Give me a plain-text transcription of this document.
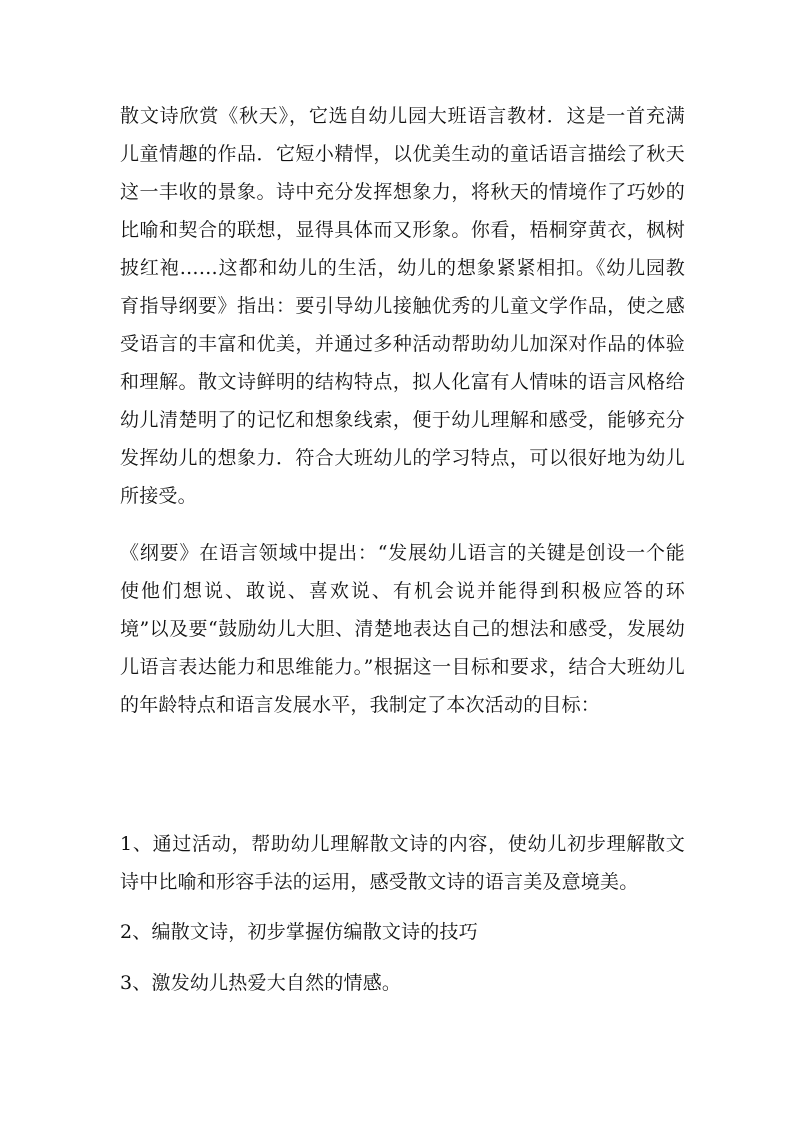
散文诗欣赏《秋天》，它选自幼儿园大班语言教材．这是一首充满儿童情趣的作品．它短小精悍，以优美生动的童话语言描绘了秋天这一丰收的景象。诗中充分发挥想象力，将秋天的情境作了巧妙的比喻和契合的联想，显得具体而又形象。你看，梧桐穿黄衣，枫树披红袍……这都和幼儿的生活，幼儿的想象紧紧相扣。《幼儿园教育指导纲要》指出：要引导幼儿接触优秀的儿童文学作品，使之感受语言的丰富和优美，并通过多种活动帮助幼儿加深对作品的体验和理解。散文诗鲜明的结构特点，拟人化富有人情味的语言风格给幼儿清楚明了的记忆和想象线索，便于幼儿理解和感受，能够充分发挥幼儿的想象力．符合大班幼儿的学习特点，可以很好地为幼儿所接受。

《纲要》在语言领域中提出：“发展幼儿语言的关键是创设一个能使他们想说、敢说、喜欢说、有机会说并能得到积极应答的环境”以及要“鼓励幼儿大胆、清楚地表达自己的想法和感受，发展幼儿语言表达能力和思维能力。”根据这一目标和要求，结合大班幼儿的年龄特点和语言发展水平，我制定了本次活动的目标：

1、通过活动，帮助幼儿理解散文诗的内容，使幼儿初步理解散文诗中比喻和形容手法的运用，感受散文诗的语言美及意境美。

2、编散文诗，初步掌握仿编散文诗的技巧

3、激发幼儿热爱大自然的情感。
